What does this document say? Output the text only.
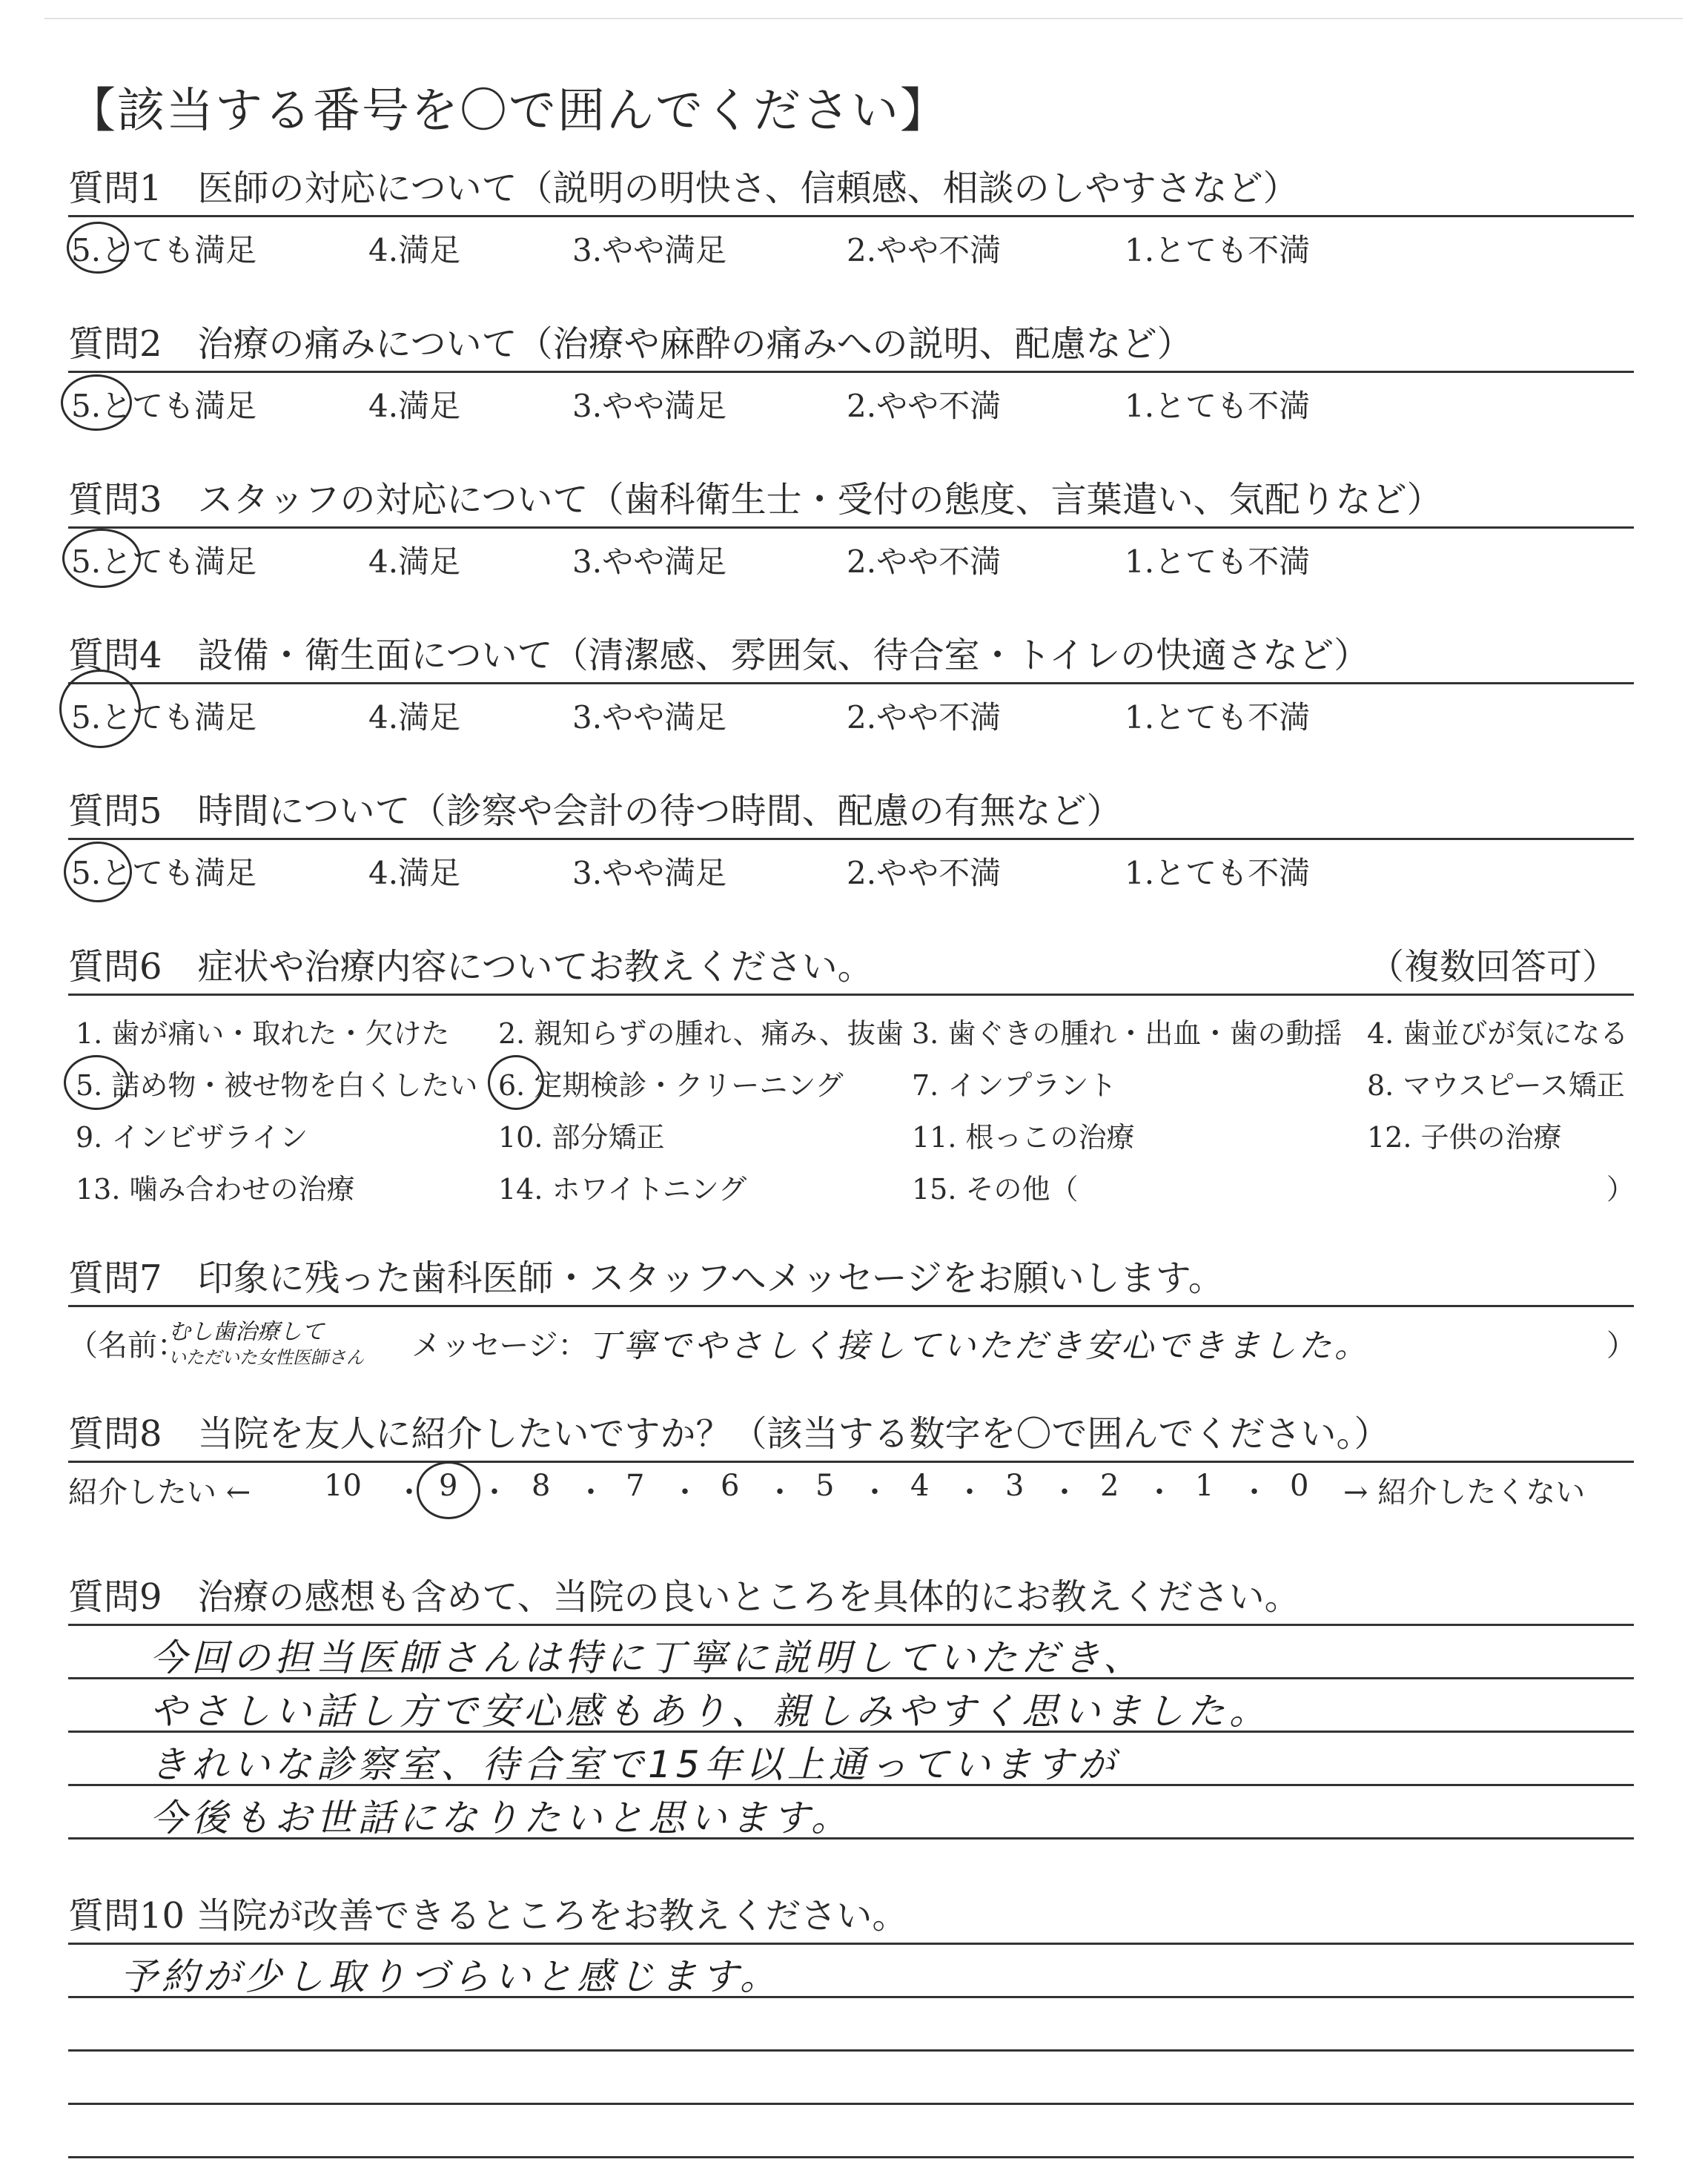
【該当する番号を〇で囲んでください】
質問1　医師の対応について（説明の明快さ、信頼感、相談のしやすさなど）
5.とても満足	4.満足	3.やや満足	2.やや不満	1.とても不満
質問2　治療の痛みについて（治療や麻酔の痛みへの説明、配慮など）
5.とても満足	4.満足	3.やや満足	2.やや不満	1.とても不満
質問3　スタッフの対応について（歯科衛生士・受付の態度、言葉遣い、気配りなど）
5.とても満足	4.満足	3.やや満足	2.やや不満	1.とても不満
質問4　設備・衛生面について（清潔感、雰囲気、待合室・トイレの快適さなど）
5.とても満足	4.満足	3.やや満足	2.やや不満	1.とても不満
質問5　時間について（診察や会計の待つ時間、配慮の有無など）
5.とても満足	4.満足	3.やや満足	2.やや不満	1.とても不満
質問6　症状や治療内容についてお教えください。	（複数回答可）
1. 歯が痛い・取れた・欠けた 2. 親知らずの腫れ、痛み、抜歯 3. 歯ぐきの腫れ・出血・歯の動揺 4. 歯並びが気になる
5. 詰め物・被せ物を白くしたい 6. 定期検診・クリーニング 7. インプラント	8. マウスピース矯正
9. インビザライン	10. 部分矯正	11. 根っこの治療	12. 子供の治療
13. 噛み合わせの治療	14. ホワイトニング	15. その他（	）
質問7　印象に残った歯科医師・スタッフへメッセージをお願いします。
（名前：
むし歯治療して
いただいた女性医師さん メッセージ： 丁寧でやさしく接していただき安心できました。	）
質問8　当院を友人に紹介したいですか？（該当する数字を〇で囲んでください。）
紹介したい ← 10 ・ 9 ・ 8 ・ 7 ・ 6 ・ 5 ・ 4 ・ 3 ・ 2 ・ 1 ・ 0 → 紹介したくない
質問9　治療の感想も含めて、当院の良いところを具体的にお教えください。
今回の担当医師さんは特に丁寧に説明していただき、
やさしい話し方で安心感もあり、親しみやすく思いました。
きれいな診察室、待合室で15年以上通っていますが
今後もお世話になりたいと思います。
質問10 当院が改善できるところをお教えください。
予約が少し取りづらいと感じます。
